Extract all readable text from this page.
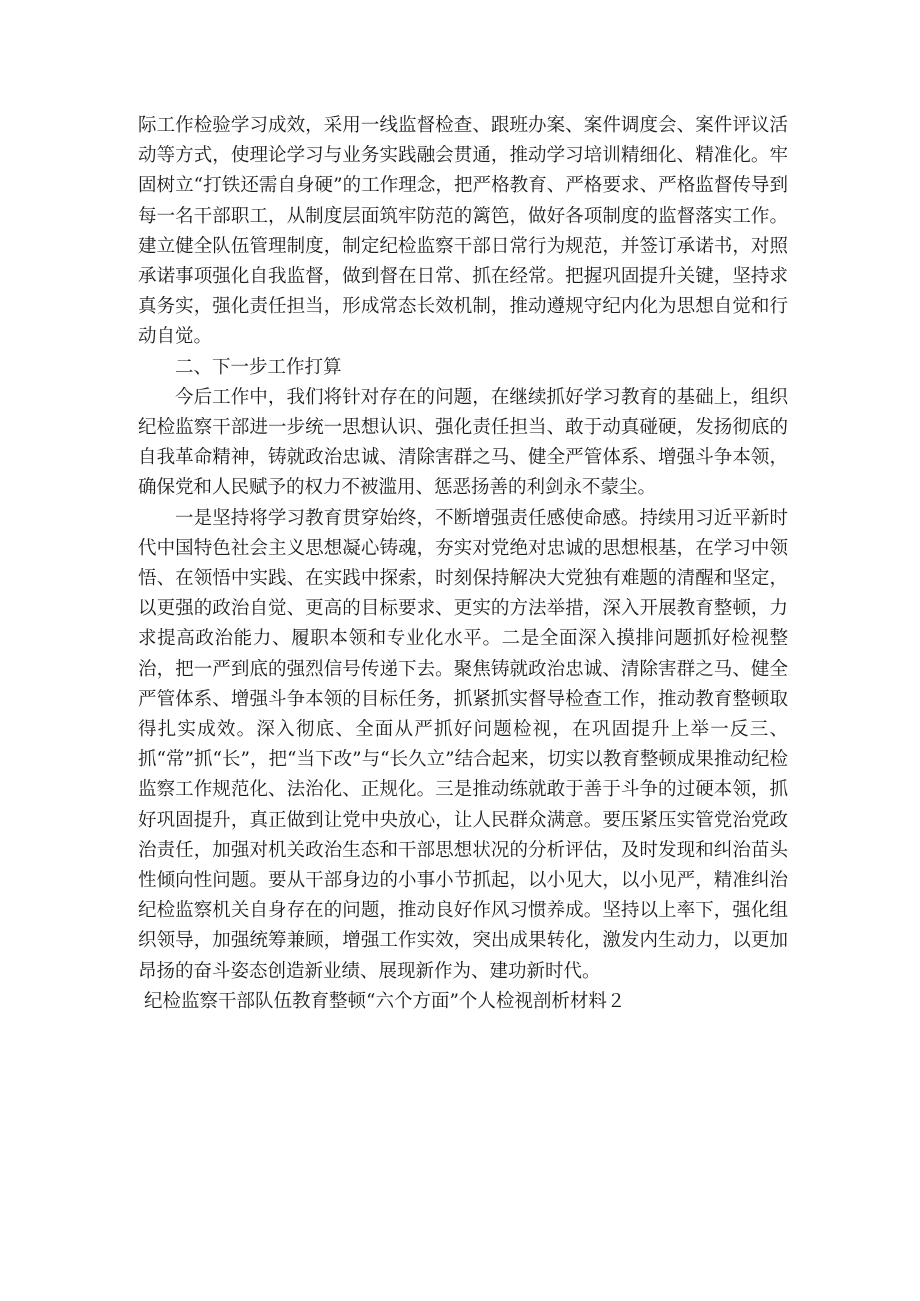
际工作检验学习成效，采用一线监督检查、跟班办案、案件调度会、案件评议活动等方式，使理论学习与业务实践融会贯通，推动学习培训精细化、精准化。牢固树立“打铁还需自身硬”的工作理念，把严格教育、严格要求、严格监督传导到每一名干部职工，从制度层面筑牢防范的篱笆，做好各项制度的监督落实工作。建立健全队伍管理制度，制定纪检监察干部日常行为规范，并签订承诺书，对照承诺事项强化自我监督，做到督在日常、抓在经常。把握巩固提升关键，坚持求真务实，强化责任担当，形成常态长效机制，推动遵规守纪内化为思想自觉和行动自觉。

二、下一步工作打算

今后工作中，我们将针对存在的问题，在继续抓好学习教育的基础上，组织纪检监察干部进一步统一思想认识、强化责任担当、敢于动真碰硬，发扬彻底的自我革命精神，铸就政治忠诚、清除害群之马、健全严管体系、增强斗争本领，确保党和人民赋予的权力不被滥用、惩恶扬善的利剑永不蒙尘。

一是坚持将学习教育贯穿始终，不断增强责任感使命感。持续用习近平新时代中国特色社会主义思想凝心铸魂，夯实对党绝对忠诚的思想根基，在学习中领悟、在领悟中实践、在实践中探索，时刻保持解决大党独有难题的清醒和坚定，以更强的政治自觉、更高的目标要求、更实的方法举措，深入开展教育整顿，力求提高政治能力、履职本领和专业化水平。二是全面深入摸排问题抓好检视整治，把一严到底的强烈信号传递下去。聚焦铸就政治忠诚、清除害群之马、健全严管体系、增强斗争本领的目标任务，抓紧抓实督导检查工作，推动教育整顿取得扎实成效。深入彻底、全面从严抓好问题检视，在巩固提升上举一反三、抓“常”抓“长”，把“当下改”与“长久立”结合起来，切实以教育整顿成果推动纪检监察工作规范化、法治化、正规化。三是推动练就敢于善于斗争的过硬本领，抓好巩固提升，真正做到让党中央放心，让人民群众满意。要压紧压实管党治党政治责任，加强对机关政治生态和干部思想状况的分析评估，及时发现和纠治苗头性倾向性问题。要从干部身边的小事小节抓起，以小见大，以小见严，精准纠治纪检监察机关自身存在的问题，推动良好作风习惯养成。坚持以上率下，强化组织领导，加强统筹兼顾，增强工作实效，突出成果转化，激发内生动力，以更加昂扬的奋斗姿态创造新业绩、展现新作为、建功新时代。

纪检监察干部队伍教育整顿“六个方面”个人检视剖析材料２
